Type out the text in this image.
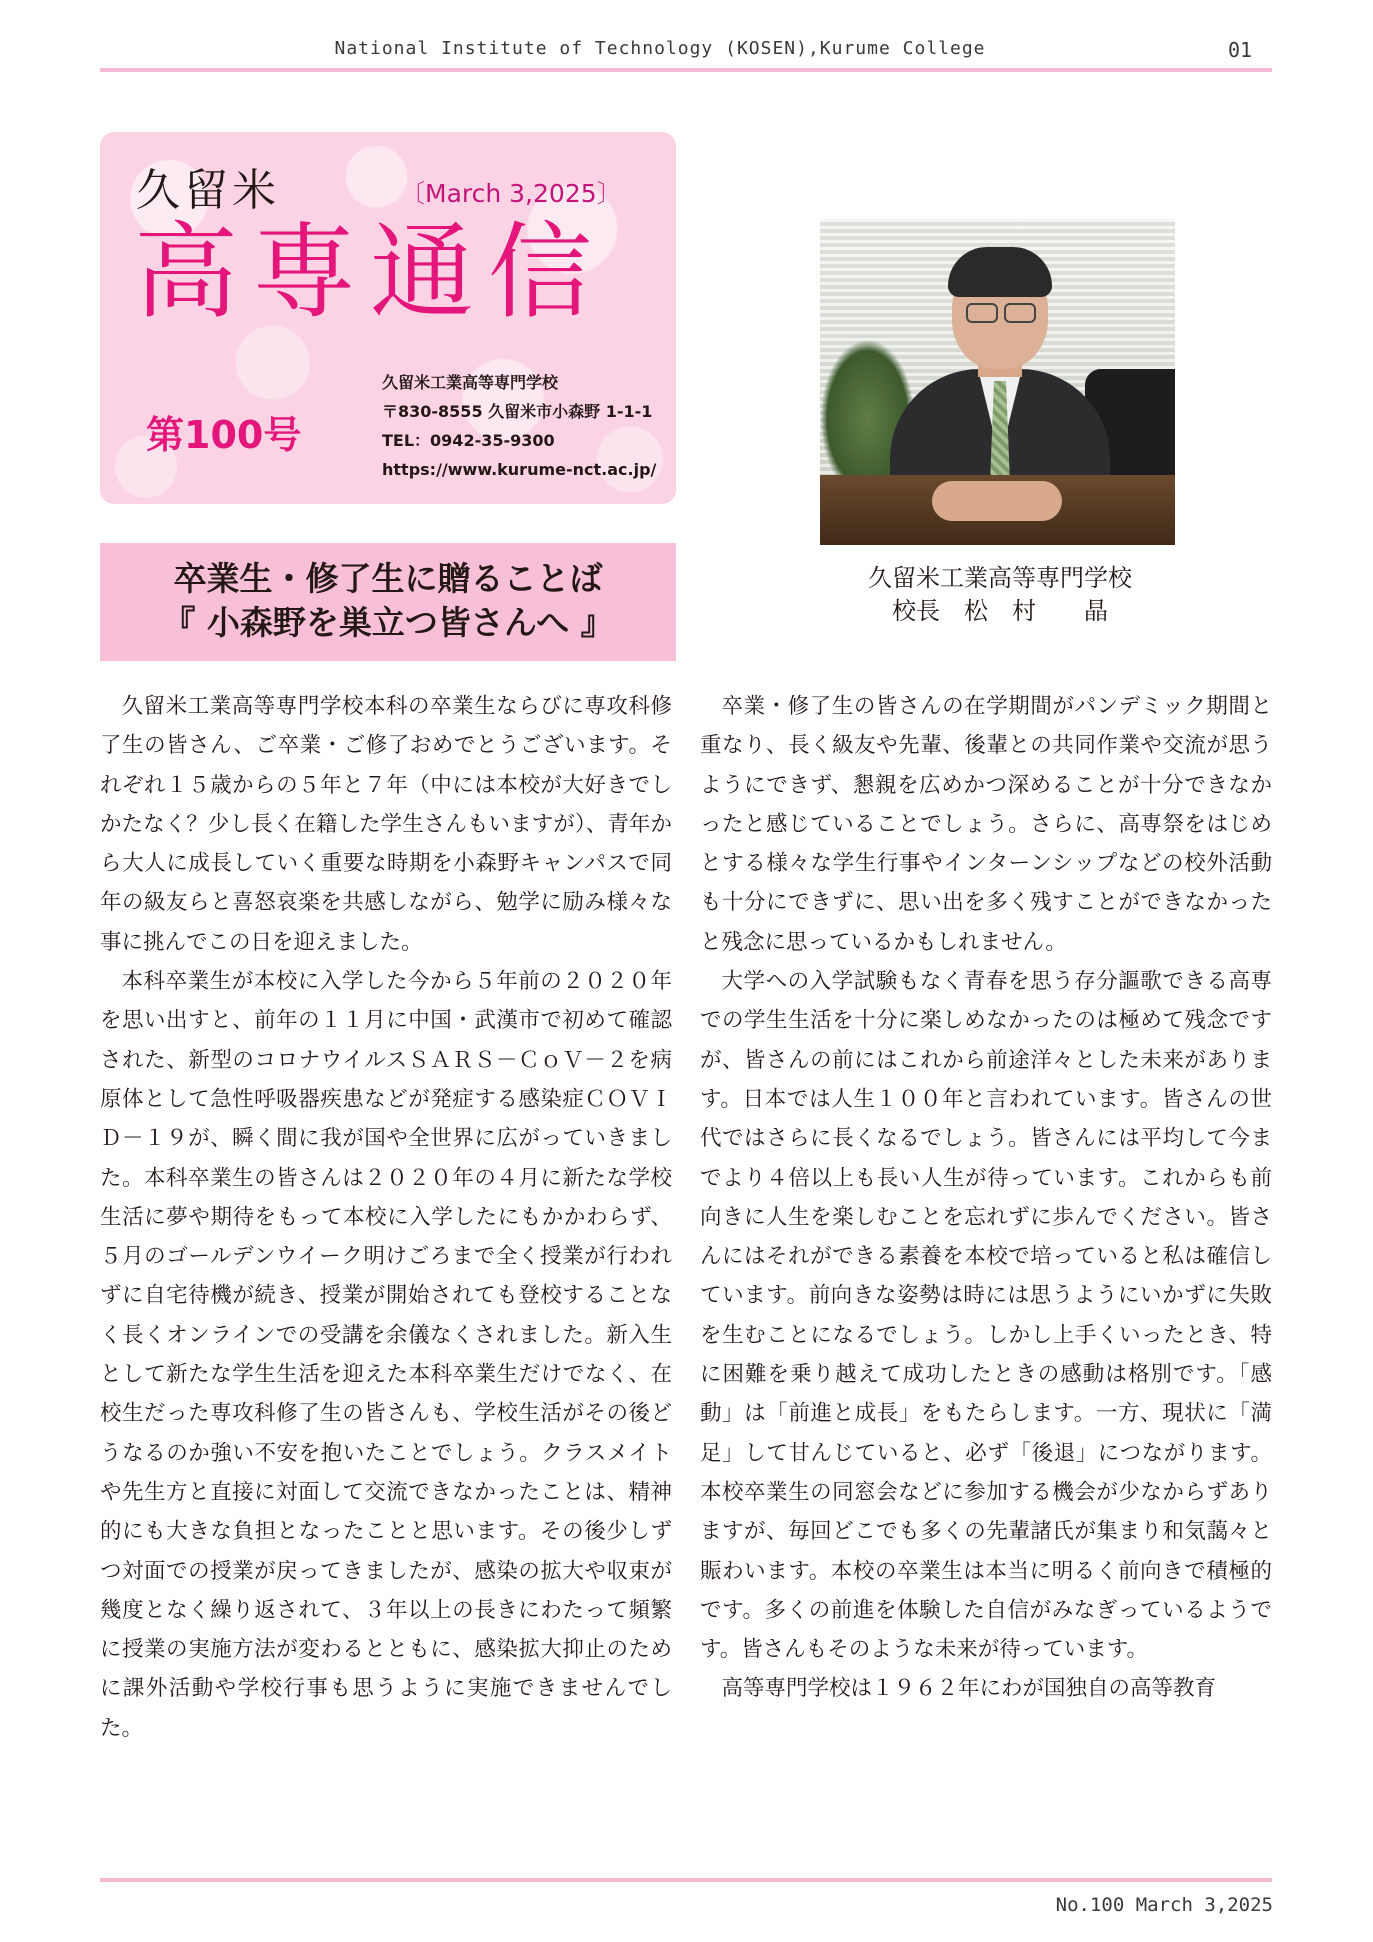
National Institute of Technology (KOSEN),Kurume College	01
久留米	〔March 3,2025〕
高専通信
第100号
久留米工業高等専門学校
〒830-8555 久留米市小森野 1-1-1
TEL：0942-35-9300
https://www.kurume-nct.ac.jp/
卒業生・修了生に贈ることば
『 小森野を巣立つ皆さんへ 』
久留米工業高等専門学校
校長　松　村　　晶

久留米工業高等専門学校本科の卒業生ならびに専攻科修了生の皆さん、ご卒業・ご修了おめでとうございます。それぞれ１５歳からの５年と７年（中には本校が大好きでしかたなく？少し長く在籍した学生さんもいますが）、青年から大人に成長していく重要な時期を小森野キャンパスで同年の級友らと喜怒哀楽を共感しながら、勉学に励み様々な事に挑んでこの日を迎えました。

本科卒業生が本校に入学した今から５年前の２０２０年を思い出すと、前年の１１月に中国・武漢市で初めて確認された、新型のコロナウイルスＳＡＲＳ－ＣｏＶ－２を病原体として急性呼吸器疾患などが発症する感染症ＣＯＶＩＤ－１９が、瞬く間に我が国や全世界に広がっていきました。本科卒業生の皆さんは２０２０年の４月に新たな学校生活に夢や期待をもって本校に入学したにもかかわらず、５月のゴールデンウイーク明けごろまで全く授業が行われずに自宅待機が続き、授業が開始されても登校することなく長くオンラインでの受講を余儀なくされました。新入生として新たな学生生活を迎えた本科卒業生だけでなく、在校生だった専攻科修了生の皆さんも、学校生活がその後どうなるのか強い不安を抱いたことでしょう。クラスメイトや先生方と直接に対面して交流できなかったことは、精神的にも大きな負担となったことと思います。その後少しずつ対面での授業が戻ってきましたが、感染の拡大や収束が幾度となく繰り返されて、３年以上の長きにわたって頻繁に授業の実施方法が変わるとともに、感染拡大抑止のために課外活動や学校行事も思うように実施できませんでした。

卒業・修了生の皆さんの在学期間がパンデミック期間と重なり、長く級友や先輩、後輩との共同作業や交流が思うようにできず、懇親を広めかつ深めることが十分できなかったと感じていることでしょう。さらに、高専祭をはじめとする様々な学生行事やインターンシップなどの校外活動も十分にできずに、思い出を多く残すことができなかったと残念に思っているかもしれません。

大学への入学試験もなく青春を思う存分謳歌できる高専での学生生活を十分に楽しめなかったのは極めて残念ですが、皆さんの前にはこれから前途洋々とした未来があります。日本では人生１００年と言われています。皆さんの世代ではさらに長くなるでしょう。皆さんには平均して今までより４倍以上も長い人生が待っています。これからも前向きに人生を楽しむことを忘れずに歩んでください。皆さんにはそれができる素養を本校で培っていると私は確信しています。前向きな姿勢は時には思うようにいかずに失敗を生むことになるでしょう。しかし上手くいったとき、特に困難を乗り越えて成功したときの感動は格別です。「感動」は「前進と成長」をもたらします。一方、現状に「満足」して甘んじていると、必ず「後退」につながります。本校卒業生の同窓会などに参加する機会が少なからずありますが、毎回どこでも多くの先輩諸氏が集まり和気藹々と賑わいます。本校の卒業生は本当に明るく前向きで積極的です。多くの前進を体験した自信がみなぎっているようです。皆さんもそのような未来が待っています。

高等専門学校は１９６２年にわが国独自の高等教育

No.100 March 3,2025
